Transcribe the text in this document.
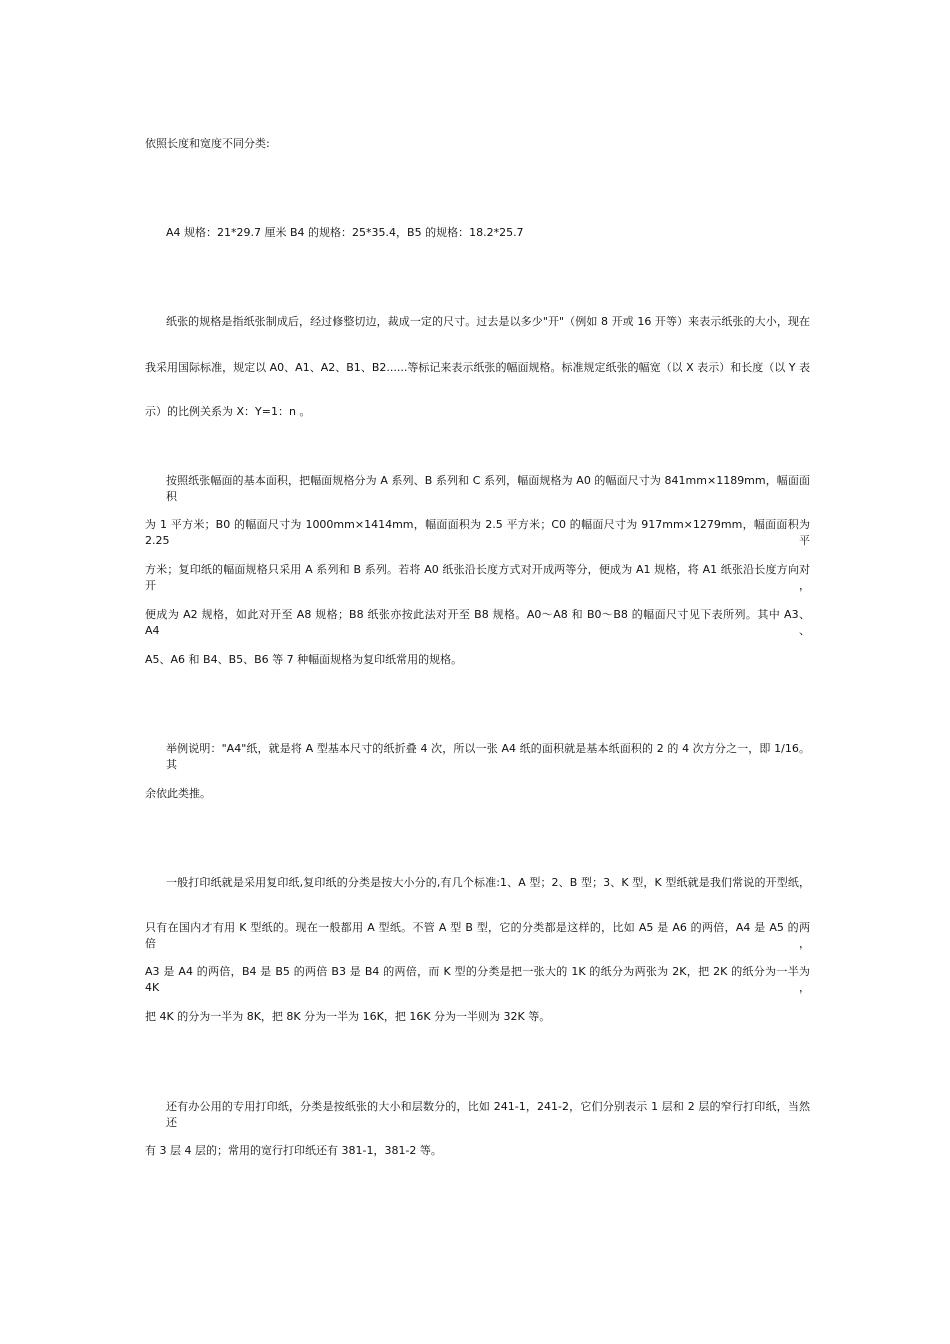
依照长度和宽度不同分类:
A4 规格：21*29.7 厘米 B4 的规格：25*35.4，B5 的规格：18.2*25.7
纸张的规格是指纸张制成后，经过修整切边，裁成一定的尺寸。过去是以多少"开"（例如 8 开或 16 开等）来表示纸张的大小，现在
我采用国际标准，规定以 A0、A1、A2、B1、B2......等标记来表示纸张的幅面规格。标准规定纸张的幅宽（以 X 表示）和长度（以 Y 表
示）的比例关系为 X：Y=1：n 。
按照纸张幅面的基本面积，把幅面规格分为 A 系列、B 系列和 C 系列，幅面规格为 A0 的幅面尺寸为 841mm×1189mm，幅面面积
为 1 平方米；B0 的幅面尺寸为 1000mm×1414mm，幅面面积为 2.5 平方米；C0 的幅面尺寸为 917mm×1279mm，幅面面积为 2.25 平
方米；复印纸的幅面规格只采用 A 系列和 B 系列。若将 A0 纸张沿长度方式对开成两等分，便成为 A1 规格，将 A1 纸张沿长度方向对开，
便成为 A2 规格，如此对开至 A8 规格；B8 纸张亦按此法对开至 B8 规格。A0～A8 和 B0～B8 的幅面尺寸见下表所列。其中 A3、A4、
A5、A6 和 B4、B5、B6 等 7 种幅面规格为复印纸常用的规格。
举例说明："A4"纸，就是将 A 型基本尺寸的纸折叠 4 次，所以一张 A4 纸的面积就是基本纸面积的 2 的 4 次方分之一，即 1/16。其
余依此类推。
一般打印纸就是采用复印纸,复印纸的分类是按大小分的,有几个标准:1、A 型；2、B 型；3、K 型，K 型纸就是我们常说的开型纸，
只有在国内才有用 K 型纸的。现在一般都用 A 型纸。不管 A 型 B 型，它的分类都是这样的，比如 A5 是 A6 的两倍，A4 是 A5 的两倍，
A3 是 A4 的两倍，B4 是 B5 的两倍 B3 是 B4 的两倍，而 K 型的分类是把一张大的 1K 的纸分为两张为 2K，把 2K 的纸分为一半为 4K，
把 4K 的分为一半为 8K，把 8K 分为一半为 16K，把 16K 分为一半则为 32K 等。
还有办公用的专用打印纸，分类是按纸张的大小和层数分的，比如 241-1，241-2，它们分别表示 1 层和 2 层的窄行打印纸，当然还
有 3 层 4 层的；常用的宽行打印纸还有 381-1，381-2 等。
